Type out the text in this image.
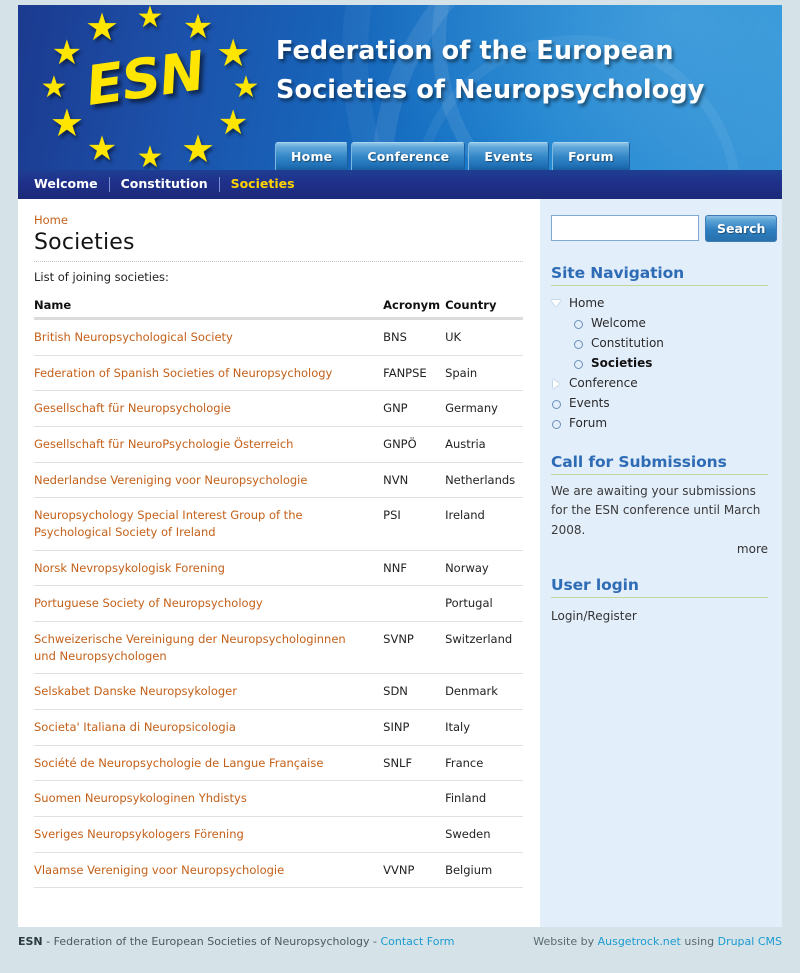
★ ★
★
★
★
★
★
★
★
★
★
★
ESN	Federation of the European
Societies of Neuropsychology
Home	Conference	Events	Forum
Welcome	Constitution	Societies
Home
Societies
List of joining societies:
Name	Acronym	Country
British Neuropsychological Society	BNS	UK
Federation of Spanish Societies of Neuropsychology	FANPSE	Spain
Gesellschaft für Neuropsychologie	GNP	Germany
Gesellschaft für NeuroPsychologie Österreich	GNPÖ	Austria
Nederlandse Vereniging voor Neuropsychologie	NVN	Netherlands
Neuropsychology Special Interest Group of the Psychological Society of Ireland	PSI	Ireland
Norsk Nevropsykologisk Forening	NNF	Norway
Portuguese Society of Neuropsychology		Portugal
Schweizerische Vereinigung der Neuropsychologinnen und Neuropsychologen	SVNP	Switzerland
Selskabet Danske Neuropsykologer	SDN	Denmark
Societa' Italiana di Neuropsicologia	SINP	Italy
Société de Neuropsychologie de Langue Française	SNLF	France
Suomen Neuropsykologinen Yhdistys		Finland
Sveriges Neuropsykologers Förening		Sweden
Vlaamse Vereniging voor Neuropsychologie	VVNP	Belgium
Search
Site Navigation
Home
Welcome
Constitution
Societies
Conference
Events
Forum
Call for Submissions
We are awaiting your submissions for the ESN conference until March 2008.
more
User login
Login/Register
ESN - Federation of the European Societies of Neuropsychology - Contact Form	Website by Ausgetrock.net using Drupal CMS
